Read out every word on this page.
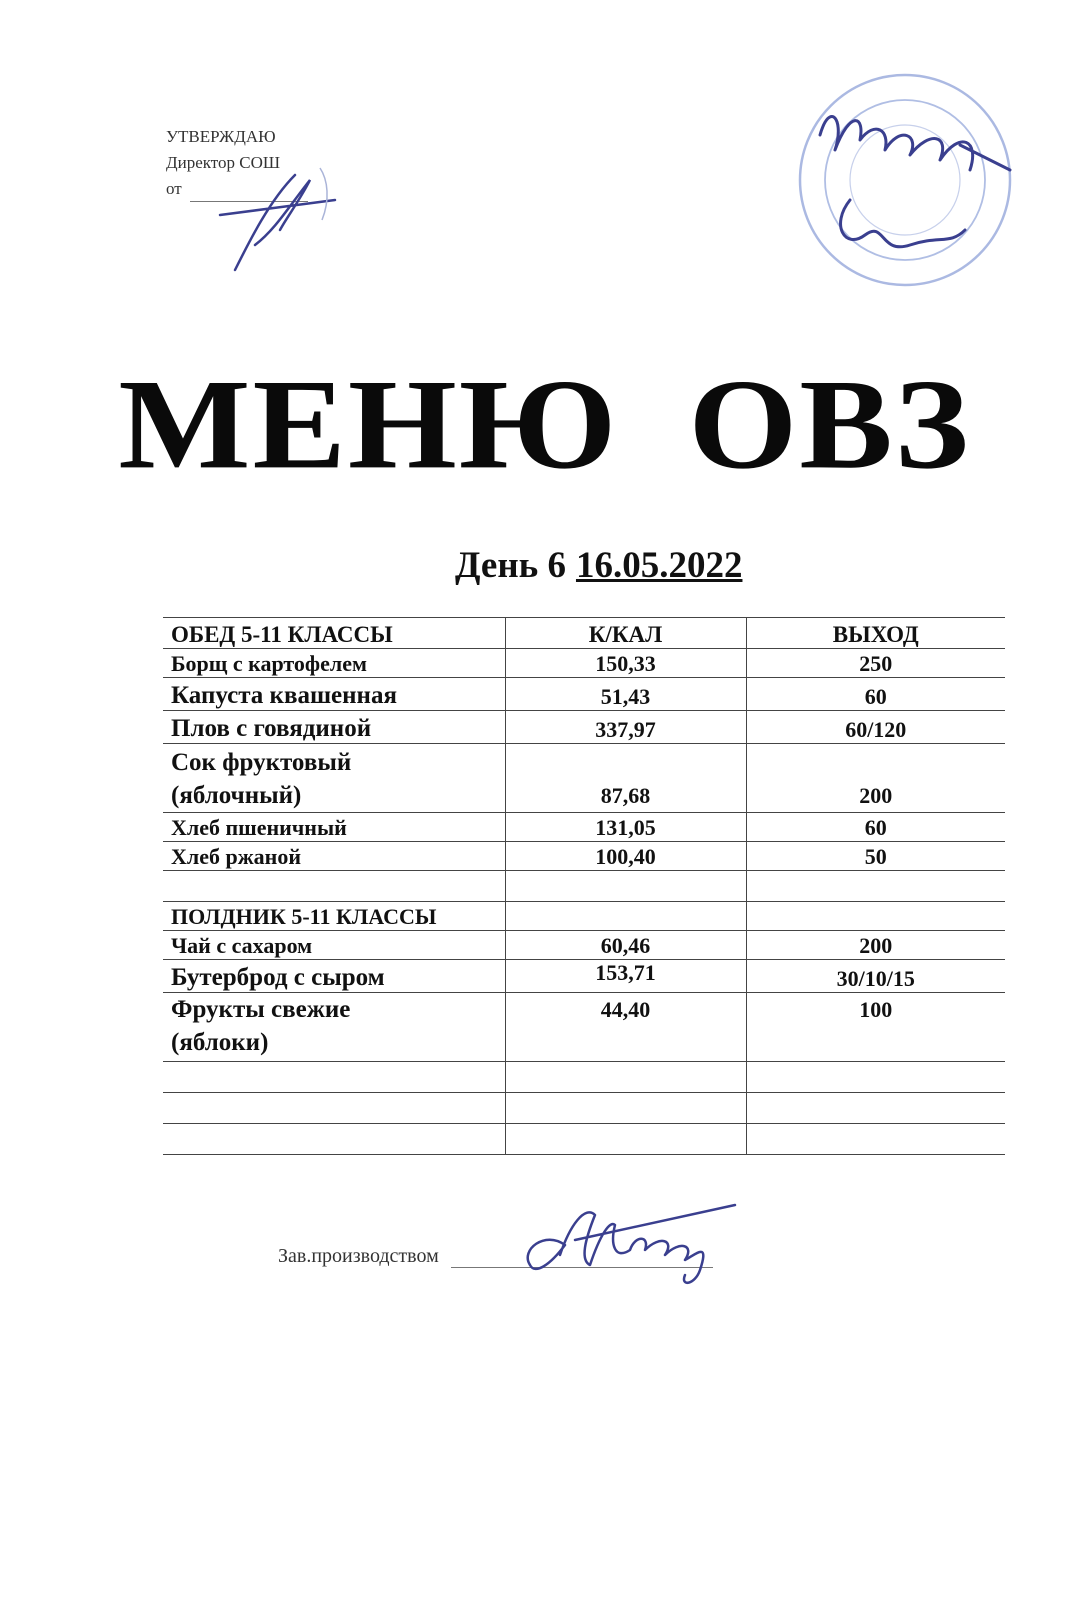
УТВЕРЖДАЮ
Директор СОШ
от
МЕНЮ ОВЗ
День 6 16.05.2022
ОБЕД 5-11 КЛАССЫ	К/КАЛ	ВЫХОД
Борщ с картофелем	150,33	250
Капуста квашенная	51,43	60
Плов с говядиной	337,97	60/120

Сок фруктовый
(яблочный)	87,68	200
Хлеб пшеничный	131,05	60
Хлеб ржаной	100,40	50

ПОЛДНИК 5-11 КЛАССЫ		
Чай с сахаром	60,46	200
Бутерброд с сыром	153,71	30/10/15

Фрукты свежие
(яблоки)	44,40	100

Зав.производством
